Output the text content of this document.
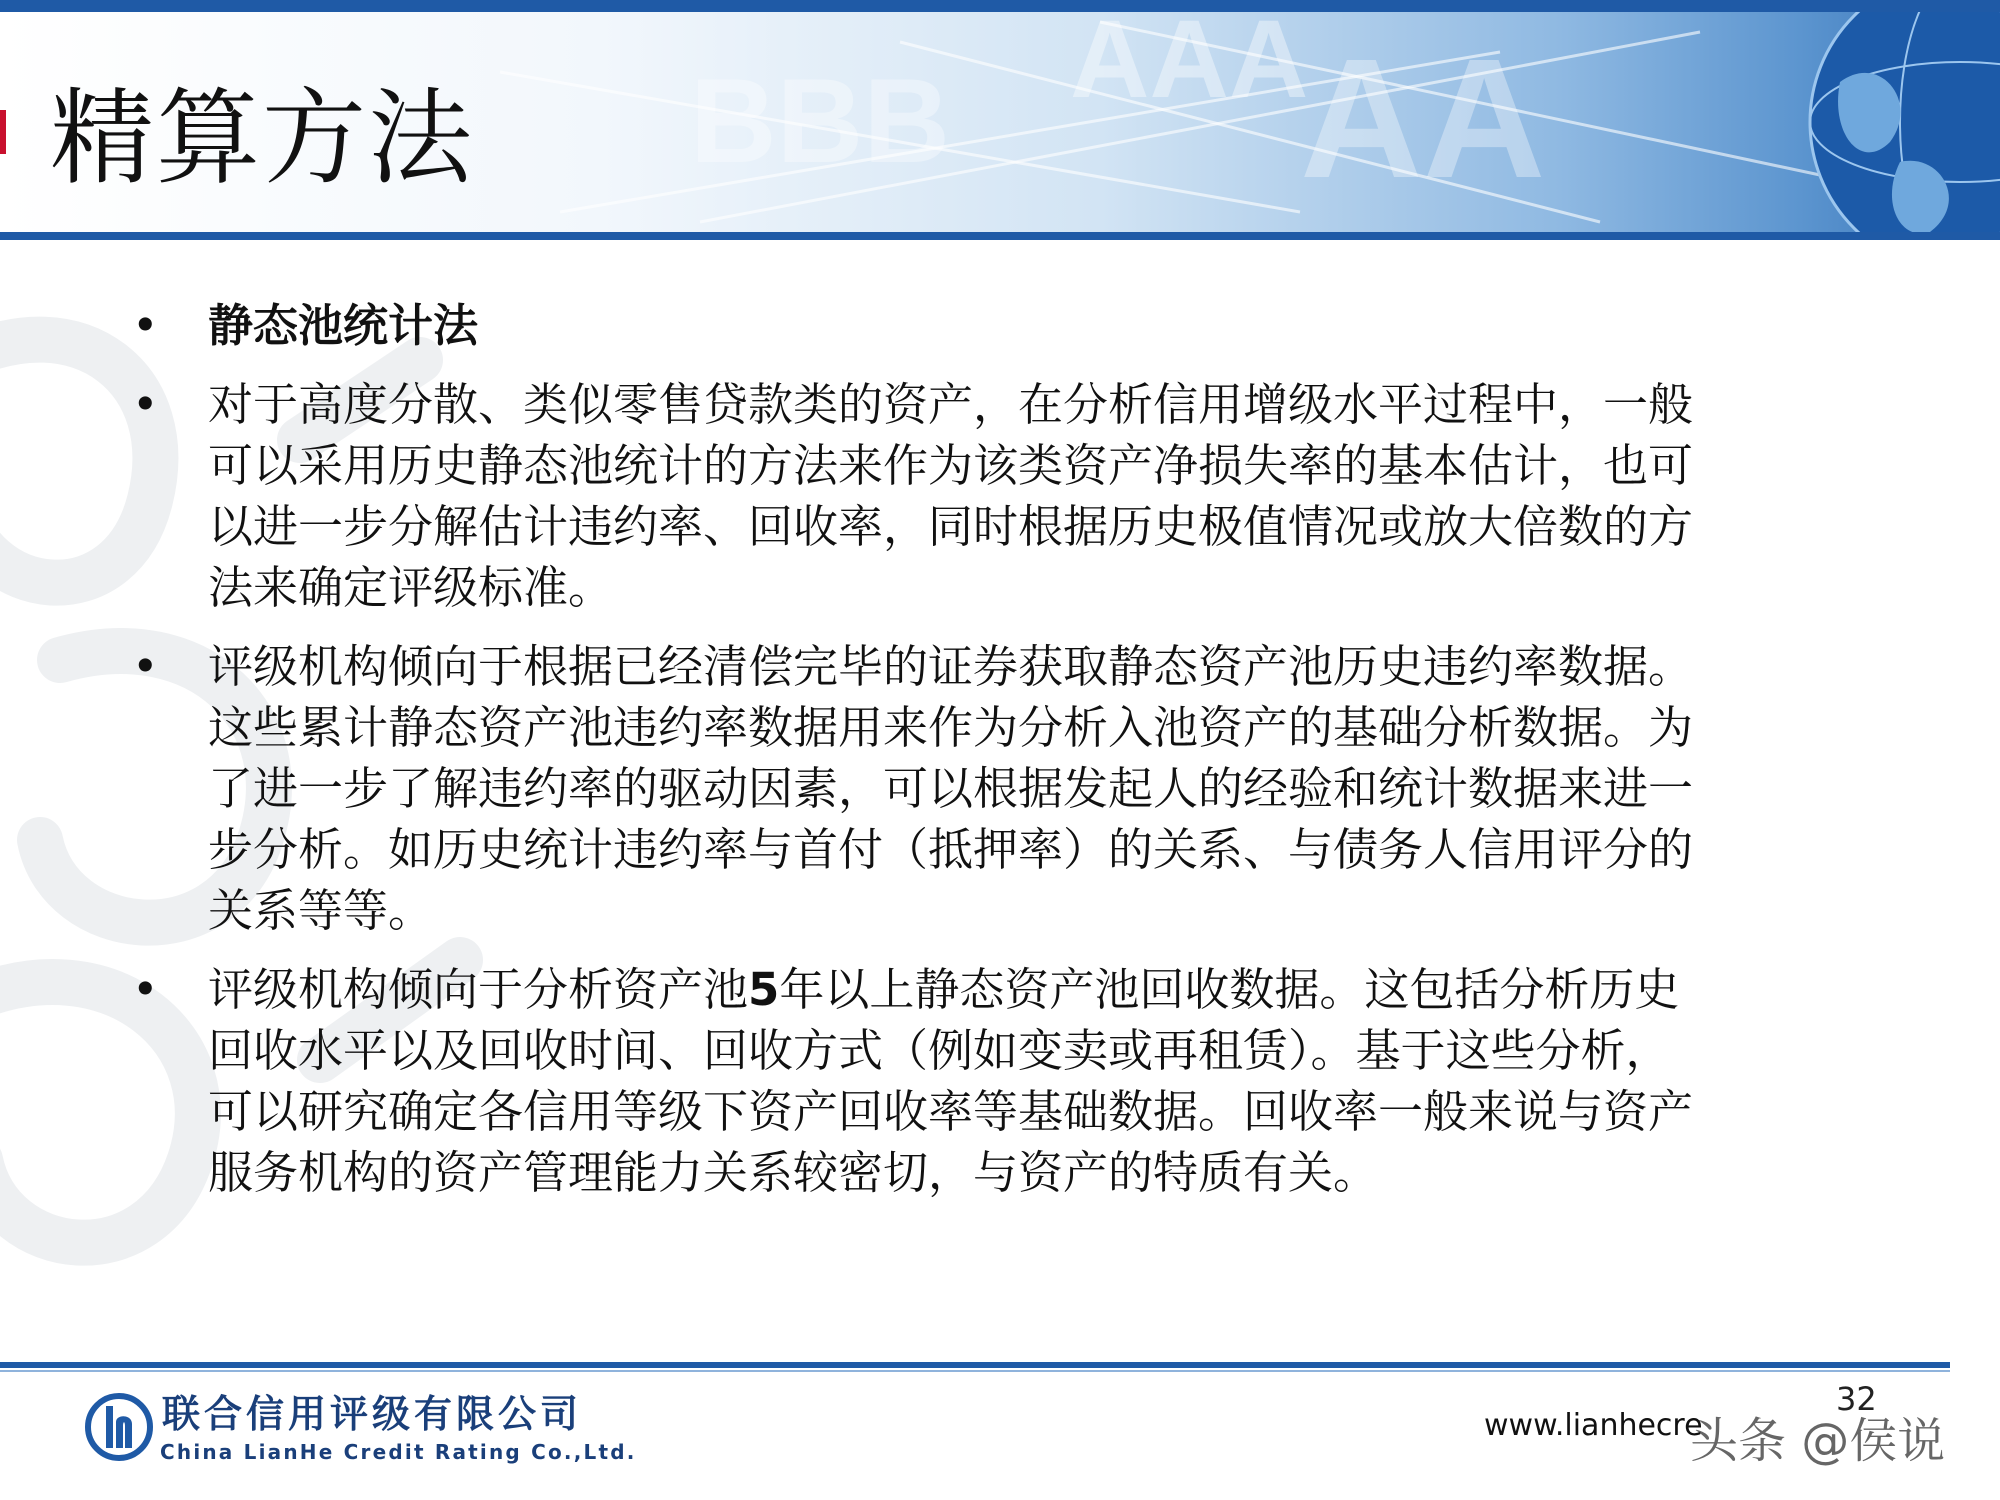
BBB AAA
AA
精算方法
• 静态池统计法
• 对于高度分散、类似零售贷款类的资产，在分析信用增级水平过程中，一般
可以采用历史静态池统计的方法来作为该类资产净损失率的基本估计，也可
以进一步分解估计违约率、回收率，同时根据历史极值情况或放大倍数的方
法来确定评级标准。
• 评级机构倾向于根据已经清偿完毕的证券获取静态资产池历史违约率数据。
这些累计静态资产池违约率数据用来作为分析入池资产的基础分析数据。为
了进一步了解违约率的驱动因素，可以根据发起人的经验和统计数据来进一
步分析。如历史统计违约率与首付（抵押率）的关系、与债务人信用评分的
关系等等。
• 评级机构倾向于分析资产池5年以上静态资产池回收数据。这包括分析历史
回收水平以及回收时间、回收方式（例如变卖或再租赁）。基于这些分析，
可以研究确定各信用等级下资产回收率等基础数据。回收率一般来说与资产
服务机构的资产管理能力关系较密切，与资产的特质有关。
联合信用评级有限公司
China LianHe Credit Rating Co.,Ltd.
32
www.lianhecre
头条 @侯说
